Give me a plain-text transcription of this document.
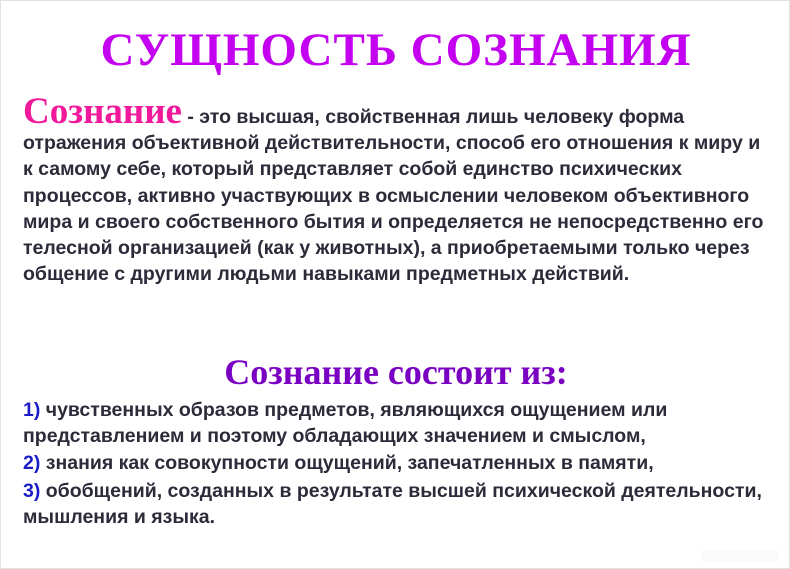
СУЩНОСТЬ СОЗНАНИЯ

Сознание - это высшая, свойственная лишь человеку форма отражения объективной действительности, способ его отношения к миру и к самому себе, который представляет собой единство психических процессов, активно участвующих в осмыслении человеком объективного мира и своего собственного бытия и определяется не непосредственно его телесной организацией (как у животных), а приобретаемыми только через общение с другими людьми навыками предметных действий.

Сознание состоит из:

1) чувственных образов предметов, являющихся ощущением или представлением и поэтому обладающих значением и смыслом,

2) знания как совокупности ощущений, запечатленных в памяти,

3) обобщений, созданных в результате высшей психической деятельности, мышления и языка.
